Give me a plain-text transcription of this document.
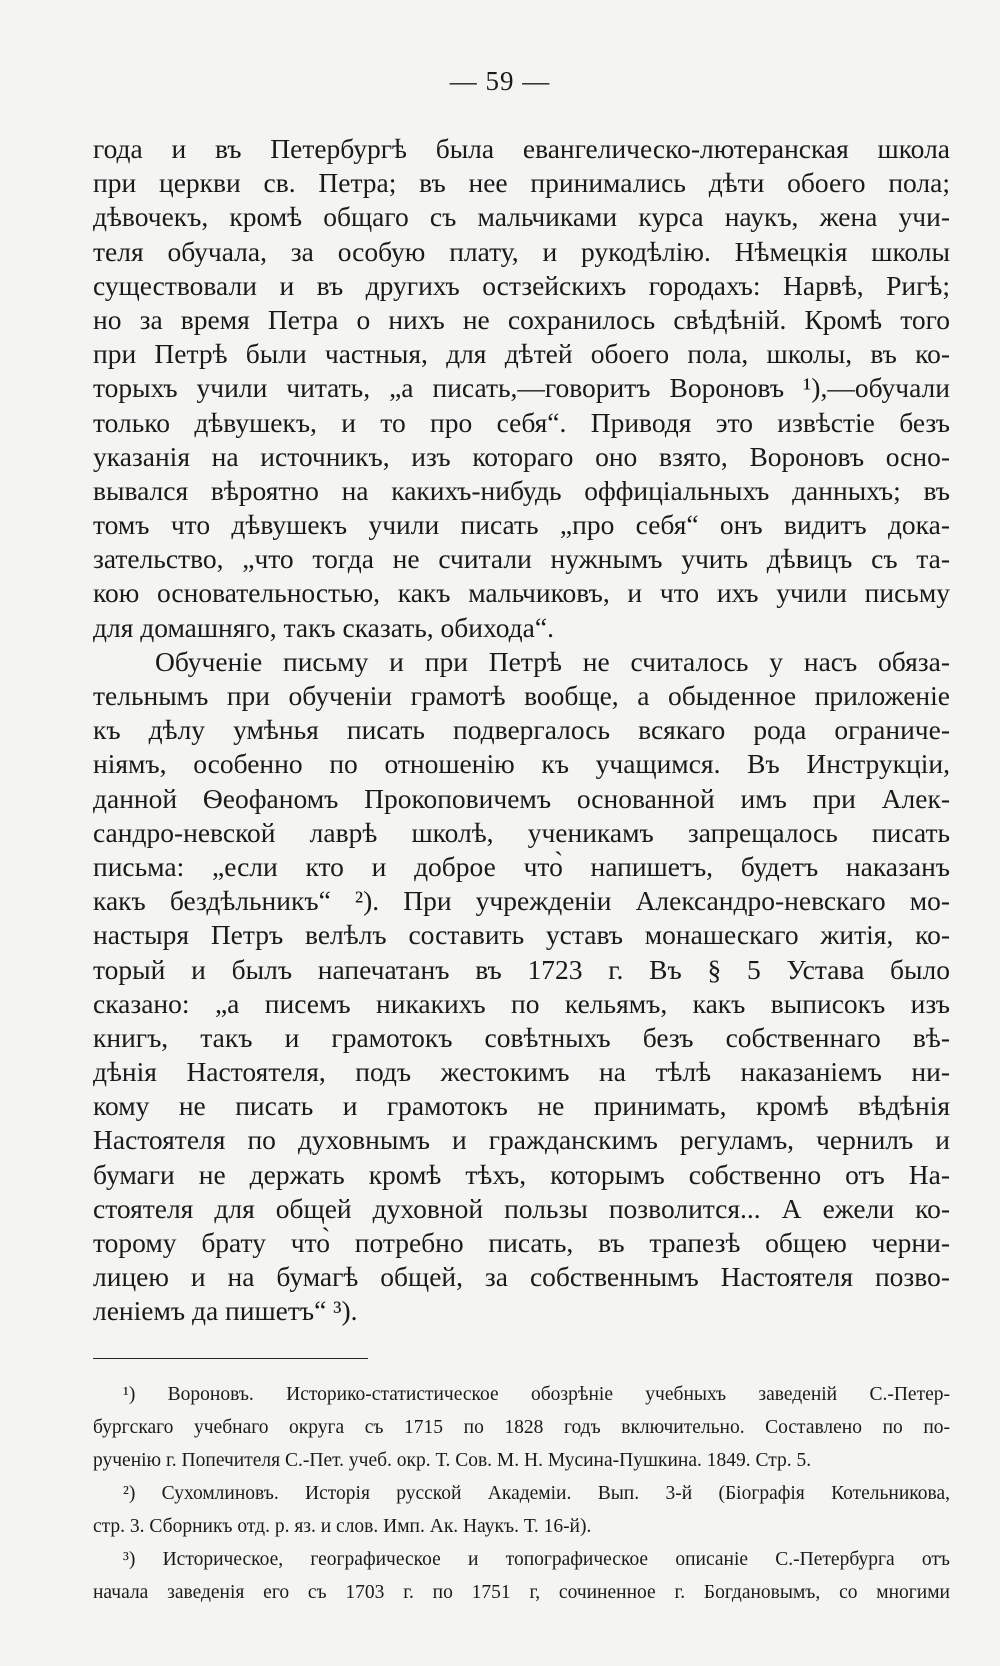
— 59 —
года и въ Петербургѣ была евангелическо-лютеранская школа
при церкви св. Петра; въ нее принимались дѣти обоего пола;
дѣвочекъ, кромѣ общаго съ мальчиками курса наукъ, жена учи-
теля обучала, за особую плату, и рукодѣлію. Нѣмецкія школы
существовали и въ другихъ остзейскихъ городахъ: Нарвѣ, Ригѣ;
но за время Петра о нихъ не сохранилось свѣдѣній. Кромѣ того
при Петрѣ были частныя, для дѣтей обоего пола, школы, въ ко-
торыхъ учили читать, „а писать,—говоритъ Вороновъ ¹),—обучали
только дѣвушекъ, и то про себя“. Приводя это извѣстіе безъ
указанія на источникъ, изъ котораго оно взято, Вороновъ осно-
вывался вѣроятно на какихъ-нибудь оффиціальныхъ данныхъ; въ
томъ что дѣвушекъ учили писать „про себя“ онъ видитъ дока-
зательство, „что тогда не считали нужнымъ учить дѣвицъ съ та-
кою основательностью, какъ мальчиковъ, и что ихъ учили письму
для домашняго, такъ сказать, обихода“.
Обученіе письму и при Петрѣ не считалось у насъ обяза-
тельнымъ при обученіи грамотѣ вообще, а обыденное приложеніе
къ дѣлу умѣнья писать подвергалось всякаго рода ограниче-
ніямъ, особенно по отношенію къ учащимся. Въ Инструкціи,
данной Ѳеофаномъ Прокоповичемъ основанной имъ при Алек-
сандро-невской лаврѣ школѣ, ученикамъ запрещалось писать
письма: „если кто и доброе что̀ напишетъ, будетъ наказанъ
какъ бездѣльникъ“ ²). При учрежденіи Александро-невскаго мо-
настыря Петръ велѣлъ составить уставъ монашескаго житія, ко-
торый и былъ напечатанъ въ 1723 г. Въ § 5 Устава было
сказано: „а писемъ никакихъ по кельямъ, какъ выписокъ изъ
книгъ, такъ и грамотокъ совѣтныхъ безъ собственнаго вѣ-
дѣнія Настоятеля, подъ жестокимъ на тѣлѣ наказаніемъ ни-
кому не писать и грамотокъ не принимать, кромѣ вѣдѣнія
Настоятеля по духовнымъ и гражданскимъ регуламъ, чернилъ и
бумаги не держать кромѣ тѣхъ, которымъ собственно отъ На-
стоятеля для общей духовной пользы позволится... А ежели ко-
торому брату что̀ потребно писать, въ трапезѣ общею черни-
лицею и на бумагѣ общей, за собственнымъ Настоятеля позво-
леніемъ да пишетъ“ ³).
¹) Вороновъ. Историко-статистическое обозрѣніе учебныхъ заведеній С.-Петер-
бургскаго учебнаго округа съ 1715 по 1828 годъ включительно. Составлено по по-
рученію г. Попечителя С.-Пет. учеб. окр. Т. Сов. М. Н. Мусина-Пушкина. 1849. Стр. 5.
²) Сухомлиновъ. Исторія русской Академіи. Вып. 3-й (Біографія Котельникова,
стр. 3. Сборникъ отд. р. яз. и слов. Имп. Ак. Наукъ. Т. 16-й).
³) Историческое, географическое и топографическое описаніе С.-Петербурга отъ
начала заведенія его съ 1703 г. по 1751 г, сочиненное г. Богдановымъ, со многими
